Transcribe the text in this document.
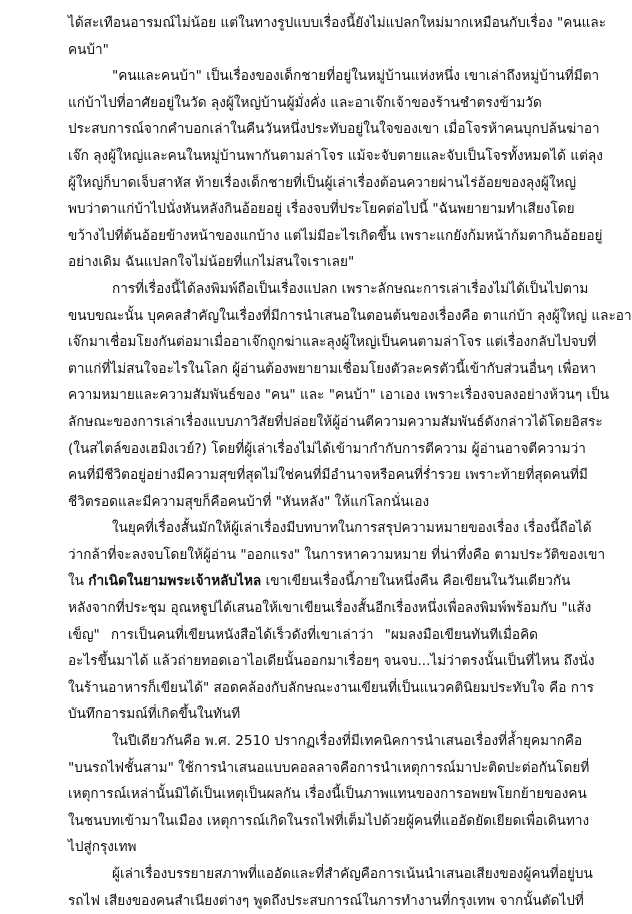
ได้สะเทือนอารมณ์ไม่น้อย แต่ในทางรูปแบบเรื่องนี้ยังไม่แปลกใหม่มากเหมือนกับเรื่อง "คนและ
คนบ้า"
"คนและคนบ้า" เป็นเรื่องของเด็กชายที่อยู่ในหมู่บ้านแห่งหนึ่ง เขาเล่าถึงหมู่บ้านที่มีตา
แก่บ้าไปที่อาศัยอยู่ในวัด ลุงผู้ใหญ่บ้านผู้มั่งคั่ง และอาเจ๊กเจ้าของร้านชำตรงข้ามวัด
ประสบการณ์จากคำบอกเล่าในคืนวันหนึ่งประทับอยู่ในใจของเขา เมื่อโจรห้าคนบุกปล้นฆ่าอา
เจ๊ก ลุงผู้ใหญ่และคนในหมู่บ้านพากันตามล่าโจร แม้จะจับตายและจับเป็นโจรทั้งหมดได้ แต่ลุง
ผู้ใหญ่ก็บาดเจ็บสาหัส ท้ายเรื่องเด็กชายที่เป็นผู้เล่าเรื่องต้อนควายผ่านไร่อ้อยของลุงผู้ใหญ่
พบว่าตาแก่บ้าไปนั่งหันหลังกินอ้อยอยู่ เรื่องจบที่ประโยคต่อไปนี้ "ฉันพยายามทำเสียงโดย
ขว้างไปที่ต้นอ้อยข้างหน้าของแกบ้าง แต่ไม่มีอะไรเกิดขึ้น เพราะแกยังก้มหน้าก้มตากินอ้อยอยู่
อย่างเดิม ฉันแปลกใจไม่น้อยที่แกไม่สนใจเราเลย"
การที่เรื่องนี้ได้ลงพิมพ์ถือเป็นเรื่องแปลก เพราะลักษณะการเล่าเรื่องไม่ได้เป็นไปตาม
ขนบขณะนั้น บุคคลสำคัญในเรื่องที่มีการนำเสนอในตอนต้นของเรื่องคือ ตาแก่บ้า ลุงผู้ใหญ่ และอา
เจ๊กมาเชื่อมโยงกันต่อมาเมื่ออาเจ๊กถูกฆ่าและลุงผู้ใหญ่เป็นคนตามล่าโจร แต่เรื่องกลับไปจบที่
ตาแก่ที่ไม่สนใจอะไรในโลก ผู้อ่านต้องพยายามเชื่อมโยงตัวละครตัวนี้เข้ากับส่วนอื่นๆ เพื่อหา
ความหมายและความสัมพันธ์ของ "คน" และ "คนบ้า" เอาเอง เพราะเรื่องจบลงอย่างห้วนๆ เป็น
ลักษณะของการเล่าเรื่องแบบภาวิสัยที่ปล่อยให้ผู้อ่านตีความความสัมพันธ์ดังกล่าวได้โดยอิสระ
(ในสไตล์ของเฮมิงเวย์?) โดยที่ผู้เล่าเรื่องไม่ได้เข้ามากำกับการตีความ ผู้อ่านอาจตีความว่า
คนที่มีชีวิตอยู่อย่างมีความสุขที่สุดไม่ใช่คนที่มีอำนาจหรือคนที่ร่ำรวย เพราะท้ายที่สุดคนที่มี
ชีวิตรอดและมีความสุขก็คือคนบ้าที่ "หันหลัง" ให้แก่โลกนั่นเอง
ในยุคที่เรื่องสั้นมักให้ผู้เล่าเรื่องมีบทบาทในการสรุปความหมายของเรื่อง เรื่องนี้ถือได้
ว่ากล้าที่จะลงจบโดยให้ผู้อ่าน "ออกแรง" ในการหาความหมาย ที่น่าทึ่งคือ ตามประวัติของเขา
ใน กำเนิดในยามพระเจ้าหลับไหล เขาเขียนเรื่องนี้ภายในหนึ่งคืน คือเขียนในวันเดียวกัน
หลังจากที่ประชุม อุณหฐูปได้เสนอให้เขาเขียนเรื่องสั้นอีกเรื่องหนึ่งเพื่อลงพิมพ์พร้อมกับ "แส้ง
เข็ญ" การเป็นคนที่เขียนหนังสือได้เร็วดังที่เขาเล่าว่า "ผมลงมือเขียนทันทีเมื่อคิด
อะไรขึ้นมาได้ แล้วถ่ายทอดเอาไอเดียนั้นออกมาเรื่อยๆ จนจบ...ไม่ว่าตรงนั้นเป็นที่ไหน ถึงนั่ง
ในร้านอาหารก็เขียนได้" สอดคล้องกับลักษณะงานเขียนที่เป็นแนวคตินิยมประทับใจ คือ การ
บันทึกอารมณ์ที่เกิดขึ้นในทันที
ในปีเดียวกันคือ พ.ศ. 2510 ปรากฏเรื่องที่มีเทคนิคการนำเสนอเรื่องที่ล้ำยุคมากคือ
"บนรถไฟชั้นสาม" ใช้การนำเสนอแบบคอลลาจคือการนำเหตุการณ์มาปะติดปะต่อกันโดยที่
เหตุการณ์เหล่านั้นมิได้เป็นเหตุเป็นผลกัน เรื่องนี้เป็นภาพแทนของการอพยพโยกย้ายของคน
ในชนบทเข้ามาในเมือง เหตุการณ์เกิดในรถไฟที่เต็มไปด้วยผู้คนที่แออัดยัดเยียดเพื่อเดินทาง
ไปสู่กรุงเทพ
ผู้เล่าเรื่องบรรยายสภาพที่แออัดและที่สำคัญคือการเน้นนำเสนอเสียงของผู้คนที่อยู่บน
รถไฟ เสียงของคนสำเนียงต่างๆ พูดถึงประสบการณ์ในการทำงานที่กรุงเทพ จากนั้นตัดไปที่
